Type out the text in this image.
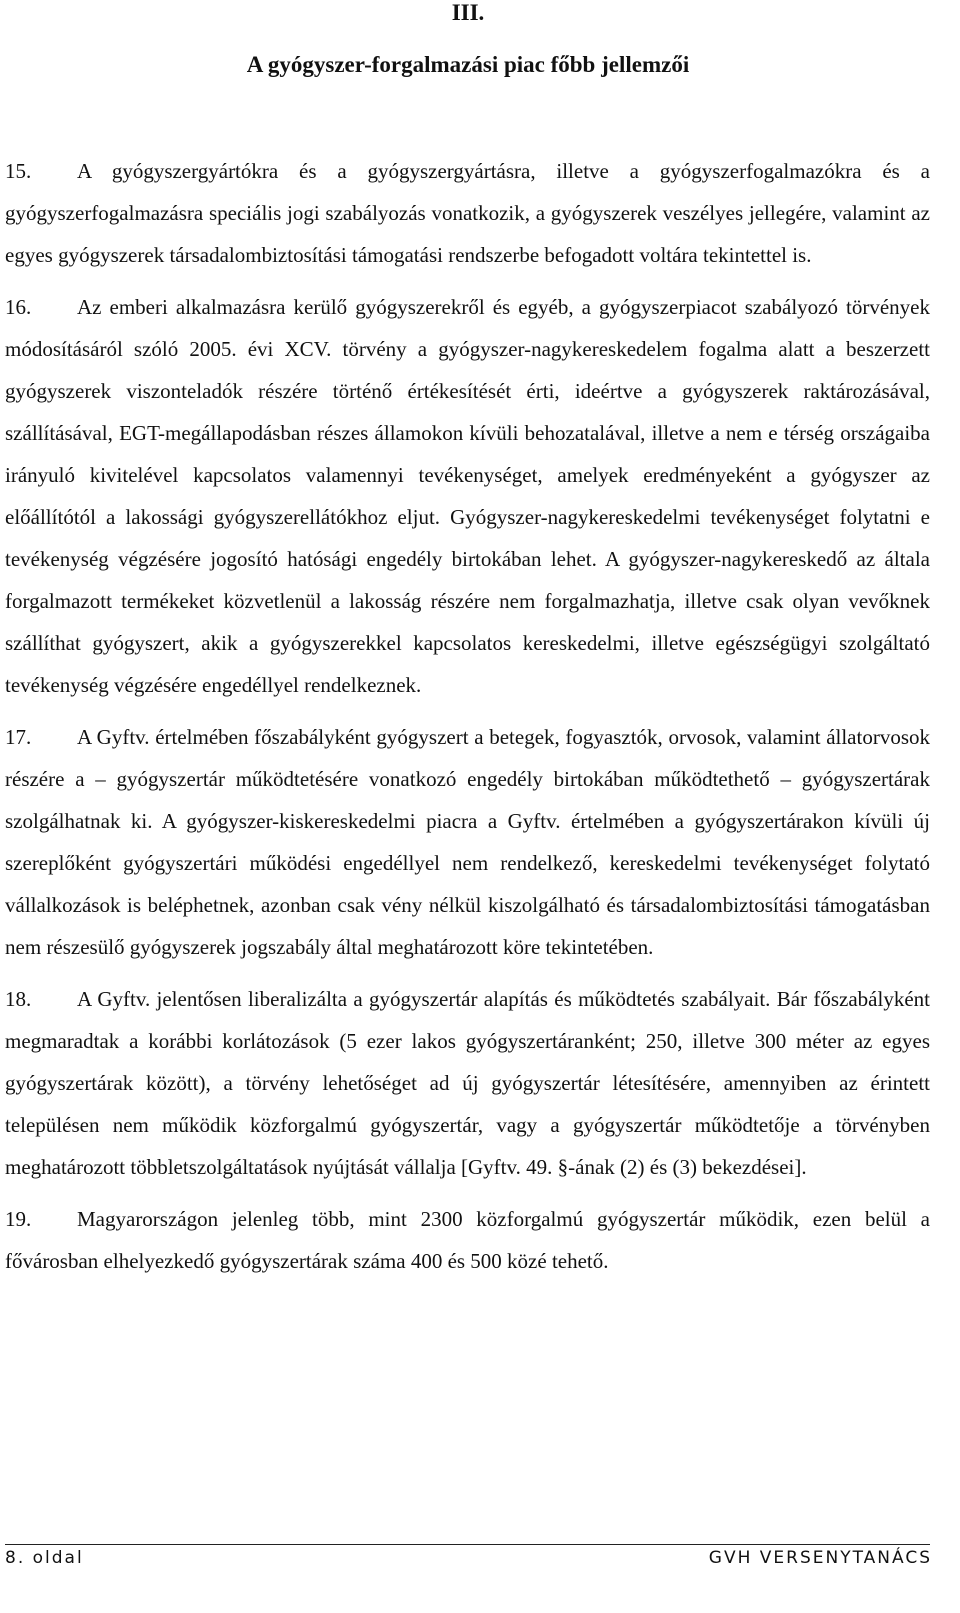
III.
A gyógyszer-forgalmazási piac főbb jellemzői

15. A gyógyszergyártókra és a gyógyszergyártásra, illetve a gyógyszerfogalmazókra és a gyógyszerfogalmazásra speciális jogi szabályozás vonatkozik, a gyógyszerek veszélyes jellegére, valamint az egyes gyógyszerek társadalombiztosítási támogatási rendszerbe befogadott voltára tekintettel is.

16. Az emberi alkalmazásra kerülő gyógyszerekről és egyéb, a gyógyszerpiacot szabályozó törvények módosításáról szóló 2005. évi XCV. törvény a gyógyszer-nagykereskedelem fogalma alatt a beszerzett gyógyszerek viszonteladók részére történő értékesítését érti, ideértve a gyógyszerek raktározásával, szállításával, EGT-megállapodásban részes államokon kívüli behozatalával, illetve a nem e térség országaiba irányuló kivitelével kapcsolatos valamennyi tevékenységet, amelyek eredményeként a gyógyszer az előállítótól a lakossági gyógyszerellátókhoz eljut. Gyógyszer-nagykereskedelmi tevékenységet folytatni e tevékenység végzésére jogosító hatósági engedély birtokában lehet. A gyógyszer-nagykereskedő az általa forgalmazott termékeket közvetlenül a lakosság részére nem forgalmazhatja, illetve csak olyan vevőknek szállíthat gyógyszert, akik a gyógyszerekkel kapcsolatos kereskedelmi, illetve egészségügyi szolgáltató tevékenység végzésére engedéllyel rendelkeznek.

17. A Gyftv. értelmében főszabályként gyógyszert a betegek, fogyasztók, orvosok, valamint állatorvosok részére a – gyógyszertár működtetésére vonatkozó engedély birtokában működtethető – gyógyszertárak szolgálhatnak ki. A gyógyszer-kiskereskedelmi piacra a Gyftv. értelmében a gyógyszertárakon kívüli új szereplőként gyógyszertári működési engedéllyel nem rendelkező, kereskedelmi tevékenységet folytató vállalkozások is beléphetnek, azonban csak vény nélkül kiszolgálható és társadalombiztosítási támogatásban nem részesülő gyógyszerek jogszabály által meghatározott köre tekintetében.

18. A Gyftv. jelentősen liberalizálta a gyógyszertár alapítás és működtetés szabályait. Bár főszabályként megmaradtak a korábbi korlátozások (5 ezer lakos gyógyszertáranként; 250, illetve 300 méter az egyes gyógyszertárak között), a törvény lehetőséget ad új gyógyszertár létesítésére, amennyiben az érintett településen nem működik közforgalmú gyógyszertár, vagy a gyógyszertár működtetője a törvényben meghatározott többletszolgáltatások nyújtását vállalja [Gyftv. 49. §-ának (2) és (3) bekezdései].

19. Magyarországon jelenleg több, mint 2300 közforgalmú gyógyszertár működik, ezen belül a fővárosban elhelyezkedő gyógyszertárak száma 400 és 500 közé tehető.

8. oldal	GVH VERSENYTANÁCS
